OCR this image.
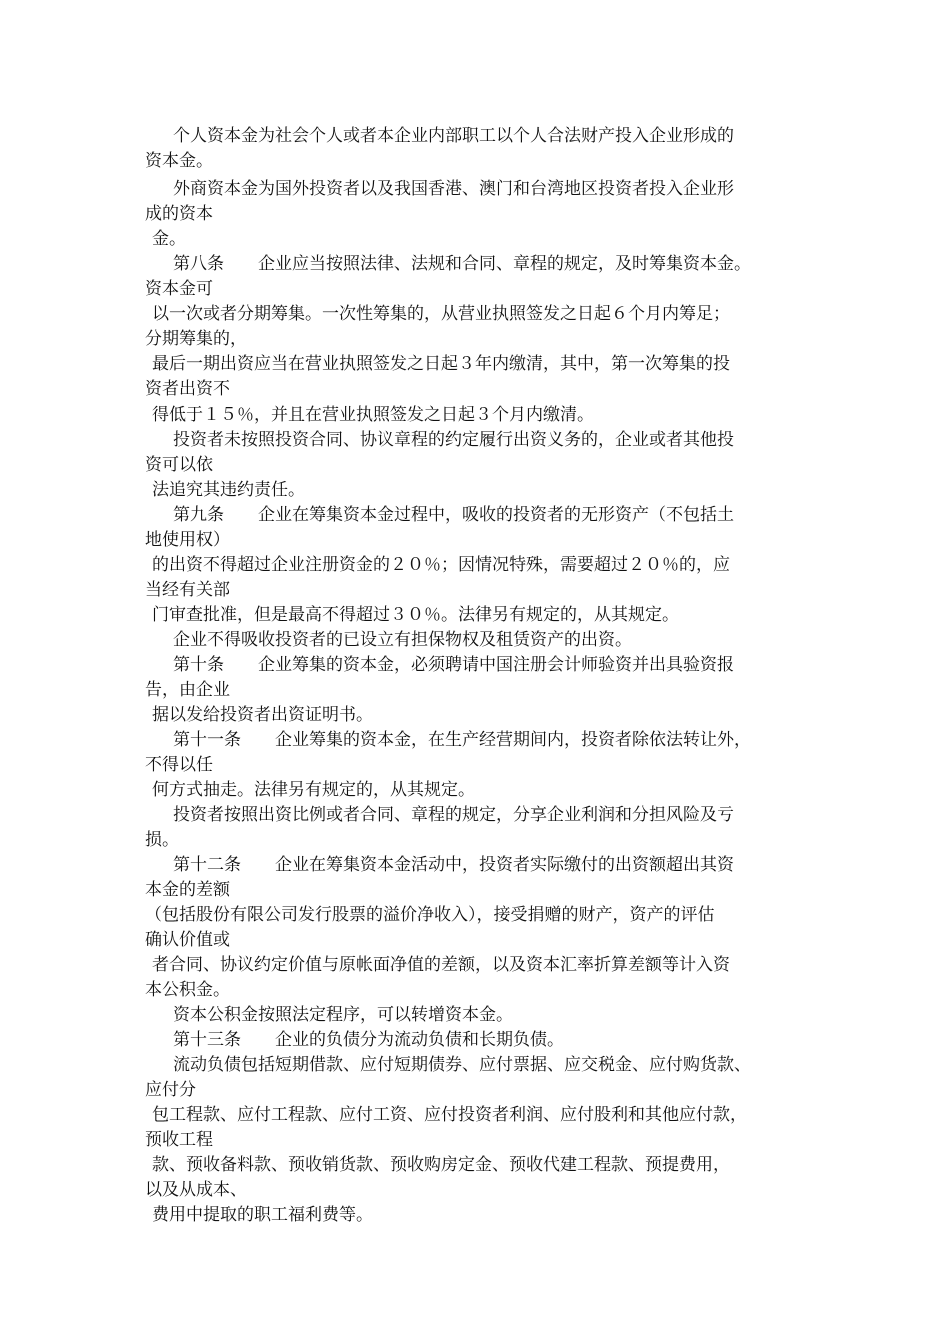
个人资本金为社会个人或者本企业内部职工以个人合法财产投入企业形成的

资本金。

外商资本金为国外投资者以及我国香港、澳门和台湾地区投资者投入企业形

成的资本

金。

第八条　　企业应当按照法律、法规和合同、章程的规定，及时筹集资本金。

资本金可

以一次或者分期筹集。一次性筹集的，从营业执照签发之日起６个月内筹足；

分期筹集的，

最后一期出资应当在营业执照签发之日起３年内缴清，其中，第一次筹集的投

资者出资不

得低于１５％，并且在营业执照签发之日起３个月内缴清。

投资者未按照投资合同、协议章程的约定履行出资义务的，企业或者其他投

资可以依

法追究其违约责任。

第九条　　企业在筹集资本金过程中，吸收的投资者的无形资产（不包括土

地使用权）

的出资不得超过企业注册资金的２０％；因情况特殊，需要超过２０％的，应

当经有关部

门审查批准，但是最高不得超过３０％。法律另有规定的，从其规定。

企业不得吸收投资者的已设立有担保物权及租赁资产的出资。

第十条　　企业筹集的资本金，必须聘请中国注册会计师验资并出具验资报

告，由企业

据以发给投资者出资证明书。

第十一条　　企业筹集的资本金，在生产经营期间内，投资者除依法转让外，

不得以任

何方式抽走。法律另有规定的，从其规定。

投资者按照出资比例或者合同、章程的规定，分享企业利润和分担风险及亏

损。

第十二条　　企业在筹集资本金活动中，投资者实际缴付的出资额超出其资

本金的差额

（包括股份有限公司发行股票的溢价净收入），接受捐赠的财产，资产的评估

确认价值或

者合同、协议约定价值与原帐面净值的差额，以及资本汇率折算差额等计入资

本公积金。

资本公积金按照法定程序，可以转增资本金。

第十三条　　企业的负债分为流动负债和长期负债。

流动负债包括短期借款、应付短期债券、应付票据、应交税金、应付购货款、

应付分

包工程款、应付工程款、应付工资、应付投资者利润、应付股利和其他应付款，

预收工程

款、预收备料款、预收销货款、预收购房定金、预收代建工程款、预提费用，

以及从成本、

费用中提取的职工福利费等。
